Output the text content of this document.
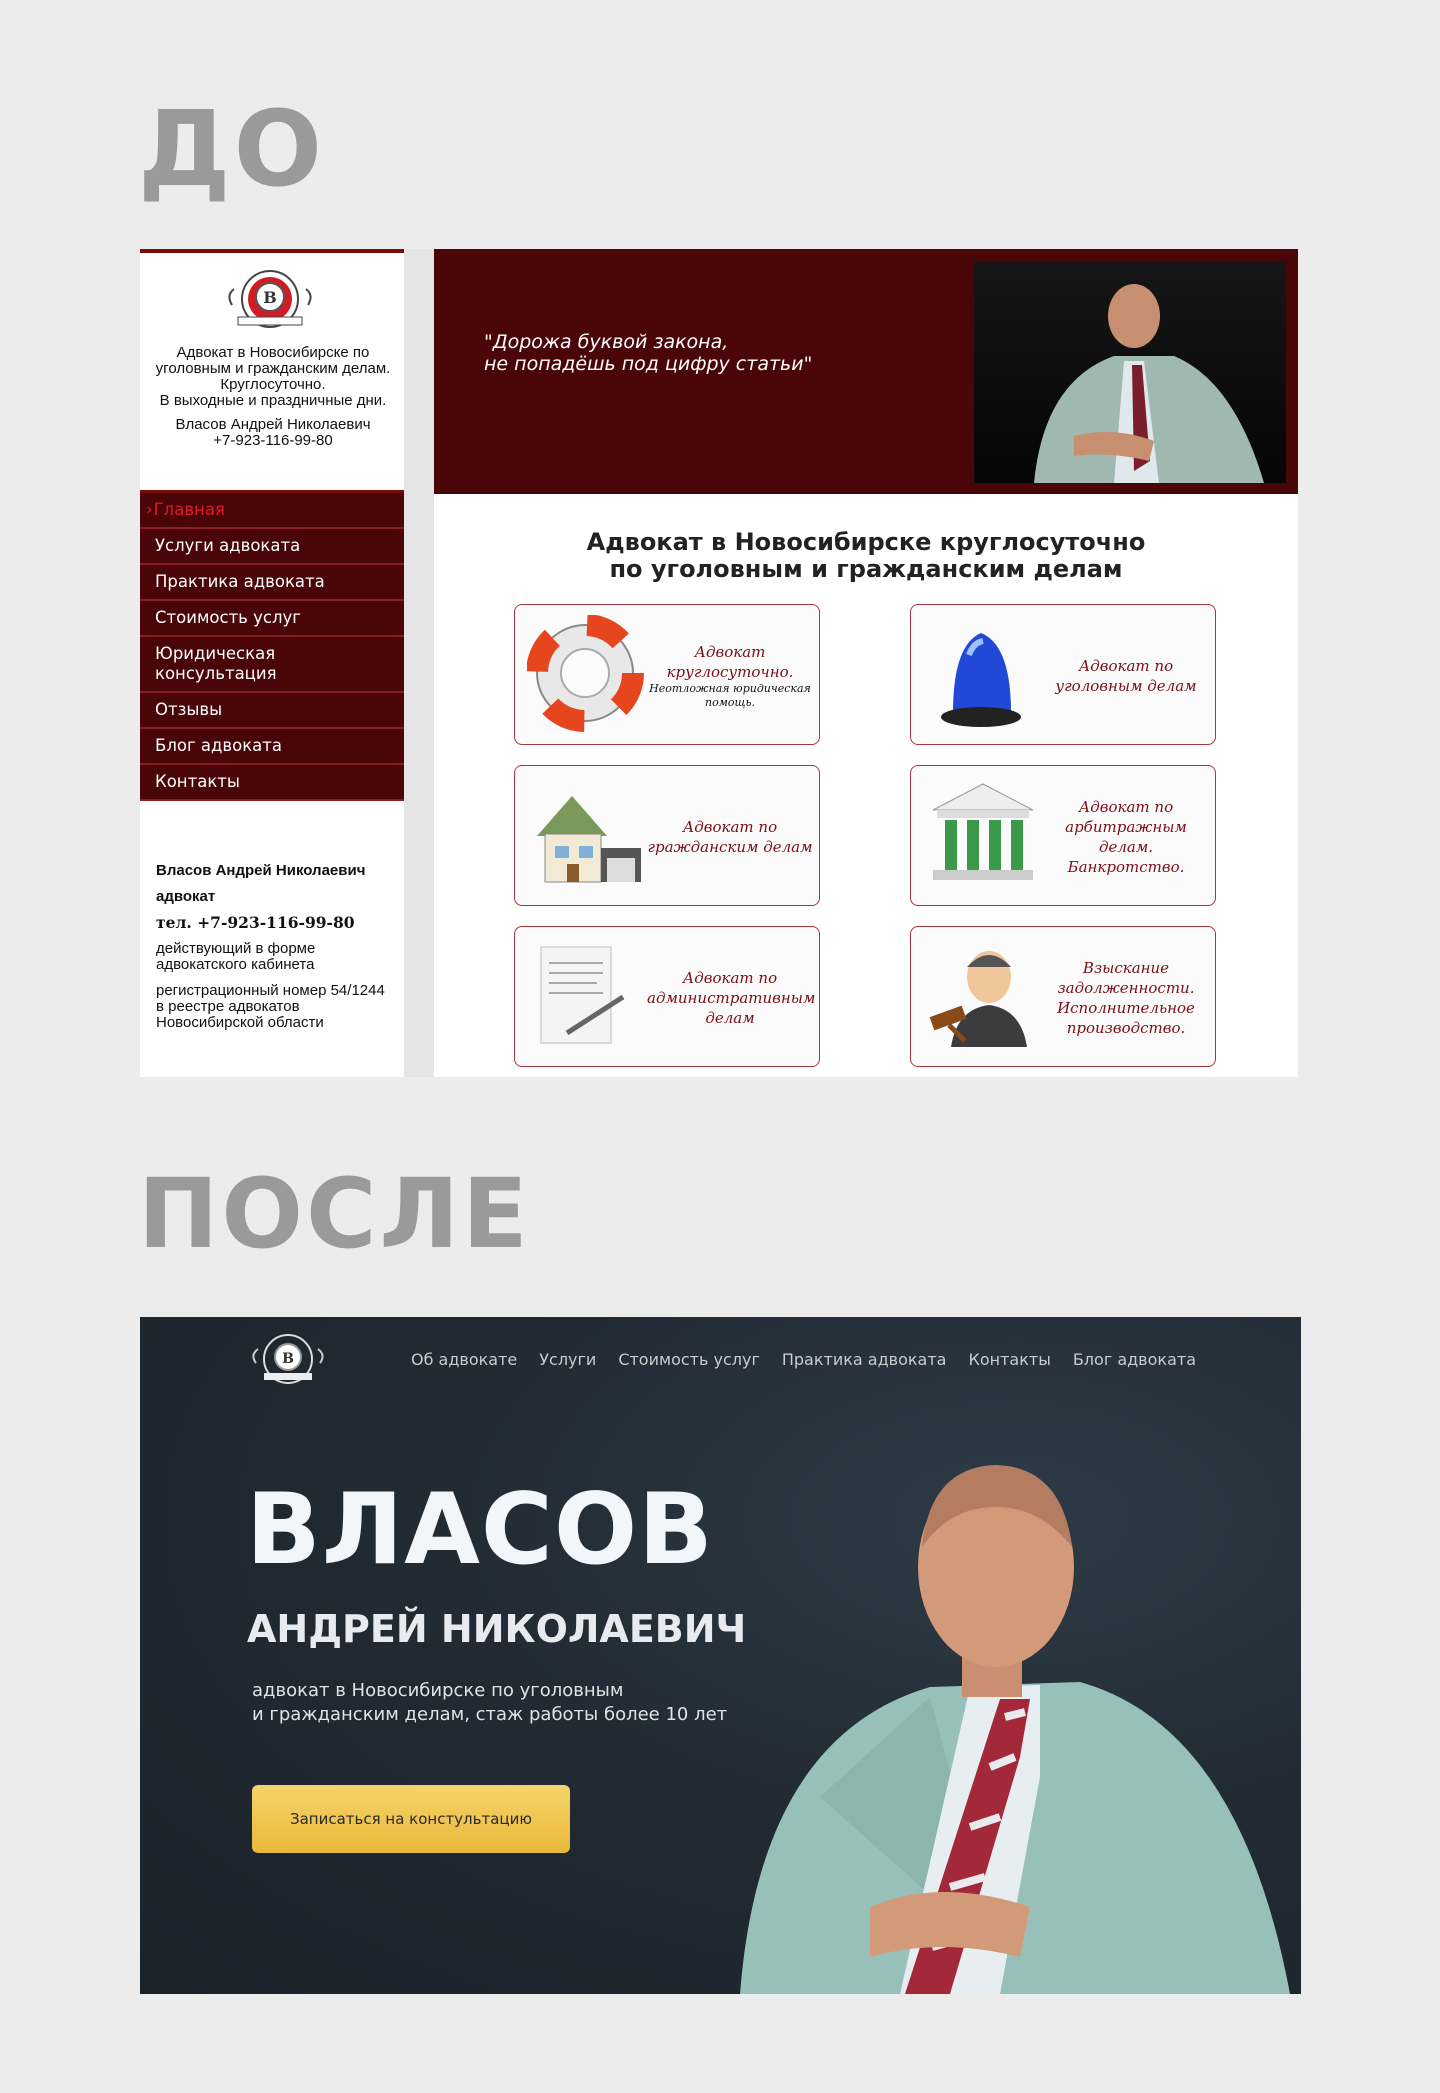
ДО
В

Адвокат в Новосибирске по уголовным и гражданским делам. Круглосуточно.

В выходные и праздничные дни.

Власов Андрей Николаевич

+7-923-116-99-80

› Главная
Услуги адвоката
Практика адвоката
Стоимость услуг
Юридическая консультация
Отзывы
Блог адвоката
Контакты
Власов Андрей Николаевич
адвокат
тел. +7-923-116-99-80
действующий в форме адвокатского кабинета
регистрационный номер 54/1244 в реестре адвокатов Новосибирской области
"Дорожа буквой закона,
не попадёшь под цифру статьи"
Адвокат в Новосибирске круглосуточно
по уголовным и гражданским делам
Адвокат круглосуточно.
Неотложная юридическая помощь.
Адвокат по уголовным делам
Адвокат по гражданским делам
Адвокат по арбитражным делам. Банкротство.
Адвокат по административным делам
Взыскание задолженности. Исполнительное производство.
ПОСЛЕ
В	Об адвокате Услуги Стоимость услуг Практика адвоката Контакты Блог адвоката
ВЛАСОВ
АНДРЕЙ НИКОЛАЕВИЧ
адвокат в Новосибирске по уголовным
и гражданским делам, стаж работы более 10 лет
Записаться на констультацию
